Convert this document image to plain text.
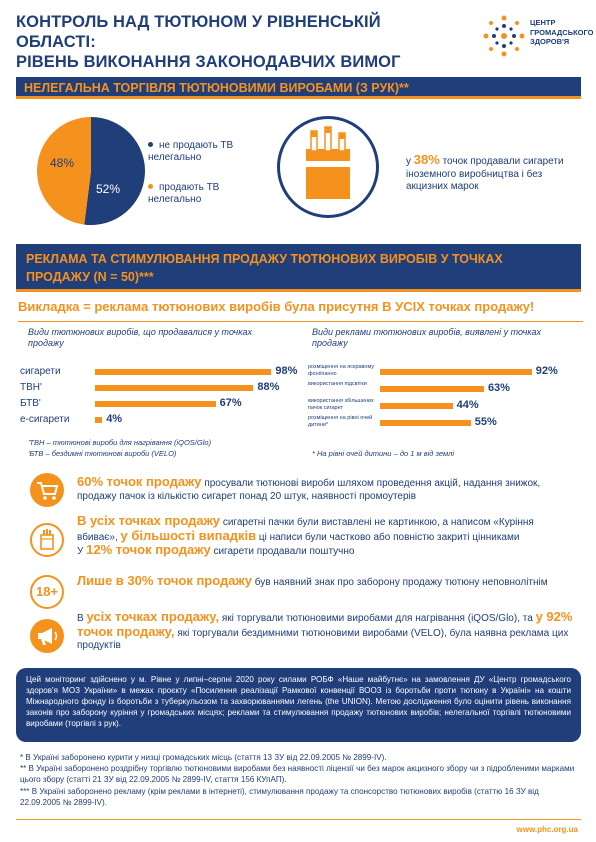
КОНТРОЛЬ НАД ТЮТЮНОМ У РІВНЕНСЬКІЙ ОБЛАСТІ:
РІВЕНЬ ВИКОНАННЯ ЗАКОНОДАВЧИХ ВИМОГ
ЦЕНТР
ГРОМАДСЬКОГО
ЗДОРОВ'Я
НЕЛЕГАЛЬНА ТОРГІВЛЯ ТЮТЮНОВИМИ ВИРОБАМИ (З РУК)**
48%
52%
не продають ТВ нелегально
продають ТВ нелегально
у 38% точок продавали сигарети іноземного виробництва і без акцизних марок
РЕКЛАМА ТА СТИМУЛЮВАННЯ ПРОДАЖУ ТЮТЮНОВИХ ВИРОБІВ У ТОЧКАХ
ПРОДАЖУ (N = 50)***
Викладка = реклама тютюнових виробів була присутня В УСІХ точках продажу!
Види тютюнових виробів, що продавалися у точках продажу
сигарети	98%
ТВН'	88%
БТВ'	67%
е-сигарети	4%
'ТВН – тютюнові вироби для нагрівання (iQOS/Glo)
'БТВ – бездимні тютюнові вироби (VELO)
Види реклами тютюнових виробів, виявлені у точках продажу
розміщення на яскравому фоні/панно	92%
використання підсвітки	63%
використання збільшених пачок сигарет	44%
розміщення на рівні очей дитини*	55%
* На рівні очей дитини – до 1 м від землі
60% точок продажу просували тютюнові вироби шляхом проведення акцій, надання знижок, продажу пачок із кількістю сигарет понад 20 штук, наявності промоутерів
В усіх точках продажу сигаретні пачки були виставлені не картинкою, а написом «Куріння вбиває», у більшості випадків ці написи були частково або повністю закриті цінниками
У 12% точок продажу сигарети продавали поштучно
18+
Лише в 30% точок продажу був наявний знак про заборону продажу тютюну неповнолітнім
В усіх точках продажу, які торгували тютюновими виробами для нагрівання (iQOS/Glo), та у 92% точок продажу, які торгували бездимними тютюновими виробами (VELO), була наявна реклама цих продуктів
Цей моніторинг здійснено у м. Рівне у липні–серпні 2020 року силами РОБФ «Наше майбутнє» на замовлення ДУ «Центр громадського здоров'я МОЗ України» в межах проєкту «Посилення реалізації Рамкової конвенції ВООЗ із боротьби проти тютюну в Україні» на кошти Міжнародного фонду із боротьби з туберкульозом та захворюваннями легень (the UNION). Метою дослідження було оцінити рівень виконання законів про заборону куріння у громадських місцях; реклами та стимулювання продажу тютюнових виробів; нелегальної торгівлі тютюновими виробами (торгівлі з рук).
* В Україні заборонено курити у низці громадських місць (стаття 13 ЗУ від 22.09.2005 № 2899-IV).
** В Україні заборонено роздрібну торгівлю тютюновими виробами без наявності ліцензії чи без марок акцизного збору чи з підробленими марками цього збору (статті 21 ЗУ від 22.09.2005 № 2899-IV, стаття 156 КУпАП).
*** В Україні заборонено рекламу (крім реклами в інтернеті), стимулювання продажу та спонсорство тютюнових виробів (статтю 16 ЗУ від 22.09.2005 № 2899-IV).
www.phc.org.ua
